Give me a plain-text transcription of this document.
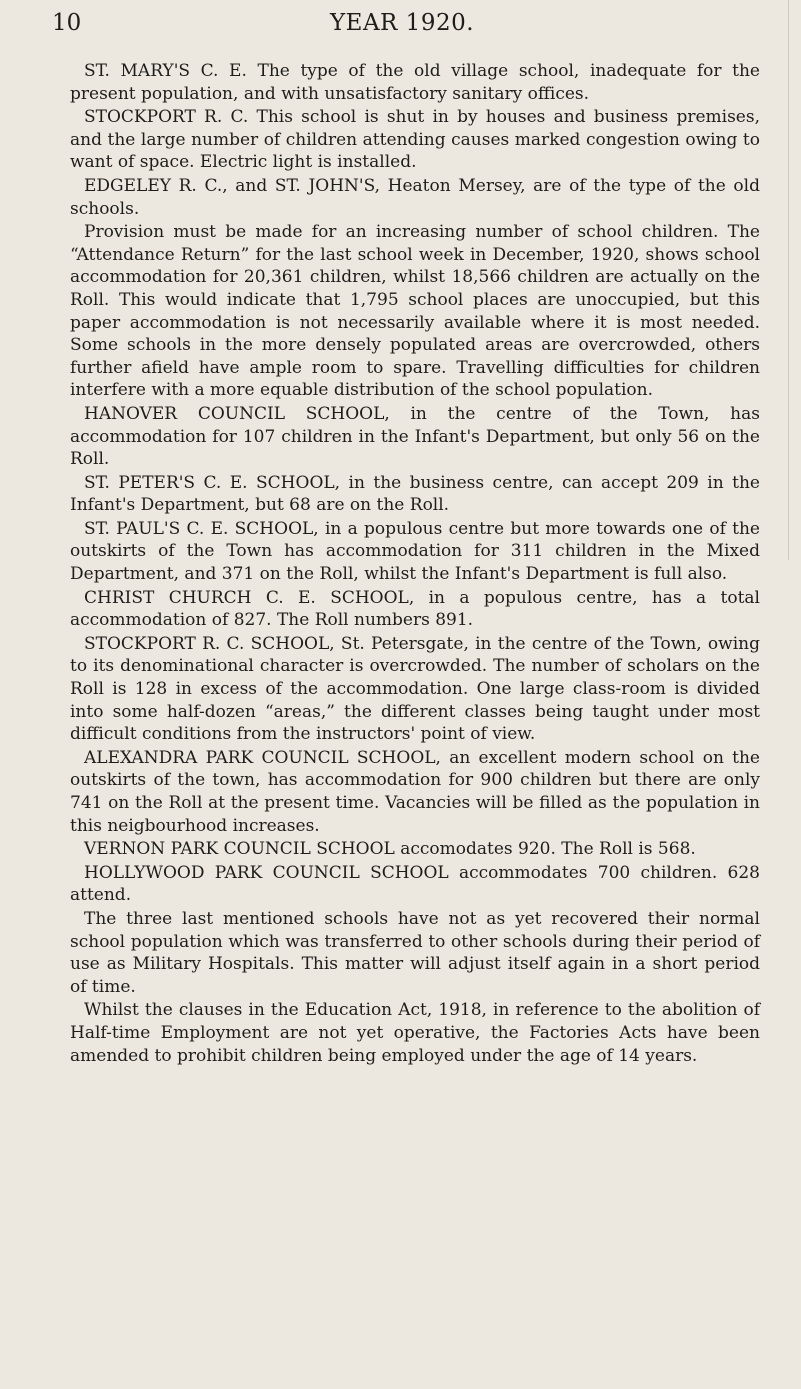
10	YEAR 1920.

ST. MARY'S C. E. The type of the old village school, inadequate for the present population, and with unsatisfactory sanitary offices.

STOCKPORT R. C. This school is shut in by houses and business premises, and the large number of children attending causes marked congestion owing to want of space. Electric light is installed.

EDGELEY R. C., and ST. JOHN'S, Heaton Mersey, are of the type of the old schools.

Provision must be made for an increasing number of school children. The “Attendance Return” for the last school week in December, 1920, shows school accommodation for 20,361 children, whilst 18,566 children are actually on the Roll. This would indicate that 1,795 school places are unoccupied, but this paper accommodation is not necessarily available where it is most needed. Some schools in the more densely populated areas are overcrowded, others further afield have ample room to spare. Travelling difficulties for children interfere with a more equable distribution of the school population.

HANOVER COUNCIL SCHOOL, in the centre of the Town, has accommodation for 107 children in the Infant's Department, but only 56 on the Roll.

ST. PETER'S C. E. SCHOOL, in the business centre, can accept 209 in the Infant's Department, but 68 are on the Roll.

ST. PAUL'S C. E. SCHOOL, in a populous centre but more towards one of the outskirts of the Town has accommodation for 311 children in the Mixed Department, and 371 on the Roll, whilst the Infant's Department is full also.

CHRIST CHURCH C. E. SCHOOL, in a populous centre, has a total accommodation of 827. The Roll numbers 891.

STOCKPORT R. C. SCHOOL, St. Petersgate, in the centre of the Town, owing to its denominational character is overcrowded. The number of scholars on the Roll is 128 in excess of the accommodation. One large class-room is divided into some half-dozen “areas,” the different classes being taught under most difficult conditions from the instructors' point of view.

ALEXANDRA PARK COUNCIL SCHOOL, an excellent modern school on the outskirts of the town, has accommodation for 900 children but there are only 741 on the Roll at the present time. Vacancies will be filled as the population in this neigbourhood increases.

VERNON PARK COUNCIL SCHOOL accomodates 920. The Roll is 568.

HOLLYWOOD PARK COUNCIL SCHOOL accommodates 700 children. 628 attend.

The three last mentioned schools have not as yet recovered their normal school population which was transferred to other schools during their period of use as Military Hospitals. This matter will adjust itself again in a short period of time.

Whilst the clauses in the Education Act, 1918, in reference to the abolition of Half-time Employment are not yet operative, the Factories Acts have been amended to prohibit children being employed under the age of 14 years.
